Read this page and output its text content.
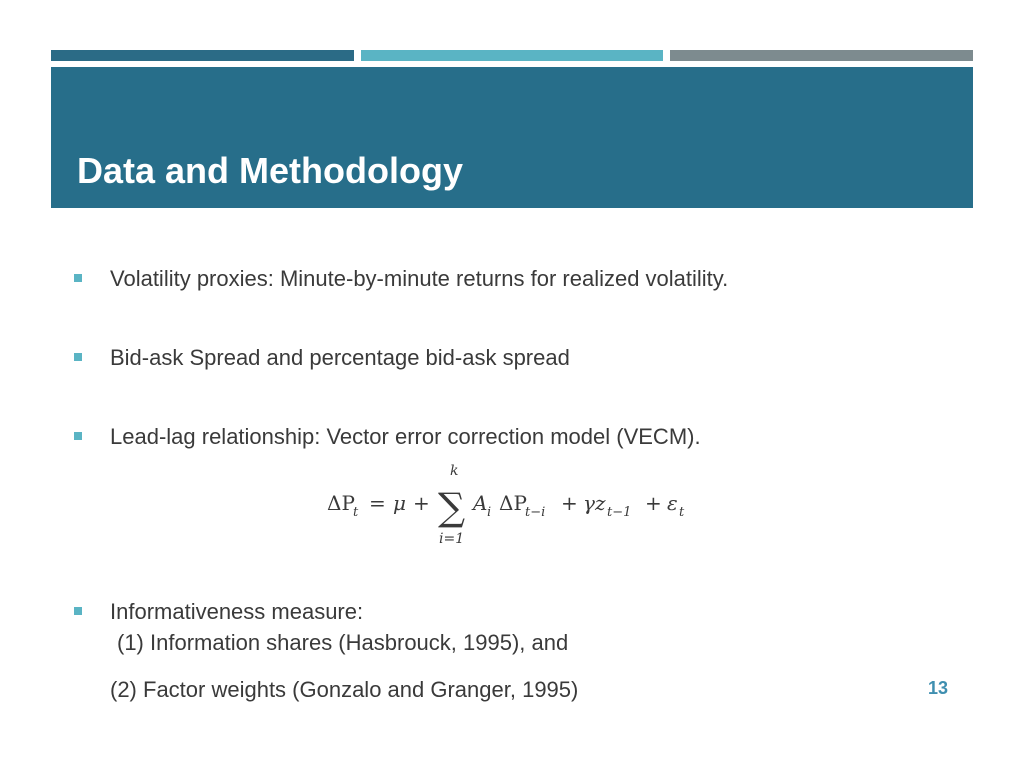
Data and Methodology
Volatility proxies: Minute-by-minute returns for realized volatility.
Bid-ask Spread and percentage bid-ask spread
Lead-lag relationship: Vector error correction model (VECM).
ΔP
t = μ +
k
∑
i=1
A i ΔP
t−i + γz t−1 + ε t
Informativeness measure:
(1) Information shares (Hasbrouck, 1995), and
(2) Factor weights (Gonzalo and Granger, 1995)	13
